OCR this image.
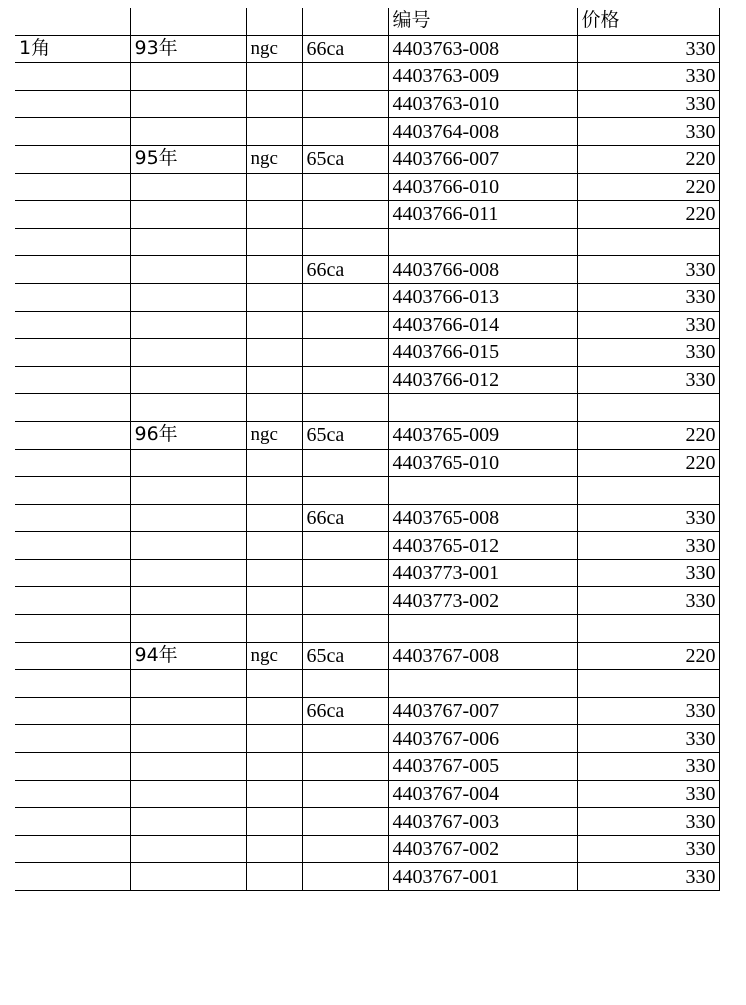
				编号	价格
1角	93年	ngc	66ca	4403763-008	330
				4403763-009	330
				4403763-010	330
				4403764-008	330
	95年	ngc	65ca	4403766-007	220
				4403766-010	220
				4403766-011	220

			66ca	4403766-008	330
				4403766-013	330
				4403766-014	330
				4403766-015	330
				4403766-012	330

	96年	ngc	65ca	4403765-009	220
				4403765-010	220

			66ca	4403765-008	330
				4403765-012	330
				4403773-001	330
				4403773-002	330

	94年	ngc	65ca	4403767-008	220

			66ca	4403767-007	330
				4403767-006	330
				4403767-005	330
				4403767-004	330
				4403767-003	330
				4403767-002	330
				4403767-001	330
